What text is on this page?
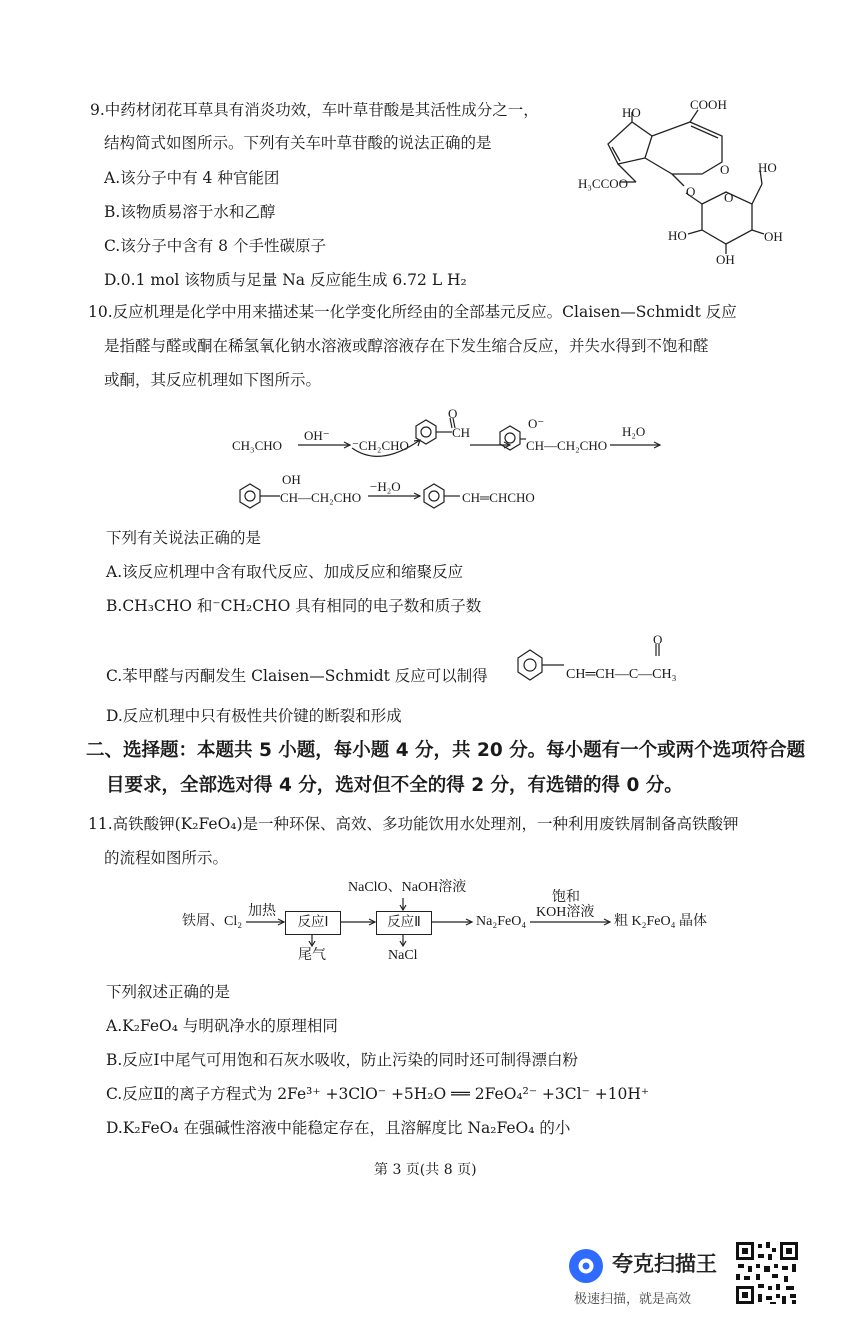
9.中药材闭花耳草具有消炎功效，车叶草苷酸是其活性成分之一，
结构简式如图所示。下列有关车叶草苷酸的说法正确的是
A.该分子中有 4 种官能团
B.该物质易溶于水和乙醇
C.该分子中含有 8 个手性碳原子
D.0.1 mol 该物质与足量 Na 反应能生成 6.72 L H₂
COOH
HO
O
H₃CCOO
O
HO
O
HO	OH
OH
10.反应机理是化学中用来描述某一化学变化所经由的全部基元反应。Claisen—Schmidt 反应
是指醛与醛或酮在稀氢氧化钠水溶液或醇溶液存在下发生缩合反应，并失水得到不饱和醛
或酮，其反应机理如下图所示。
CH₃CHO
OH⁻
⁻CH₂CHO
O
CH
O⁻
CH—CH₂CHO
H₂O
OH
CH—CH₂CHO
−H₂O
CH═CHCHO
下列有关说法正确的是
A.该反应机理中含有取代反应、加成反应和缩聚反应
B.CH₃CHO 和⁻CH₂CHO 具有相同的电子数和质子数
C.苯甲醛与丙酮发生 Claisen—Schmidt 反应可以制得
O
CH═CH—C—CH₃
D.反应机理中只有极性共价键的断裂和形成
二、选择题：本题共 5 小题，每小题 4 分，共 20 分。每小题有一个或两个选项符合题
目要求，全部选对得 4 分，选对但不全的得 2 分，有选错的得 0 分。
11.高铁酸钾(K₂FeO₄)是一种环保、高效、多功能饮用水处理剂，一种利用废铁屑制备高铁酸钾
的流程如图所示。
铁屑、Cl₂
加热
反应Ⅰ
NaClO、NaOH溶液
反应Ⅱ
尾气	NaCl
Na₂FeO₄
饱和
KOH溶液
粗 K₂FeO₄ 晶体
下列叙述正确的是
A.K₂FeO₄ 与明矾净水的原理相同
B.反应Ⅰ中尾气可用饱和石灰水吸收，防止污染的同时还可制得漂白粉
C.反应Ⅱ的离子方程式为 2Fe³⁺ +3ClO⁻ +5H₂O ══ 2FeO₄²⁻ +3Cl⁻ +10H⁺
D.K₂FeO₄ 在强碱性溶液中能稳定存在，且溶解度比 Na₂FeO₄ 的小
第 3 页(共 8 页)
夸克扫描王
极速扫描，就是高效
